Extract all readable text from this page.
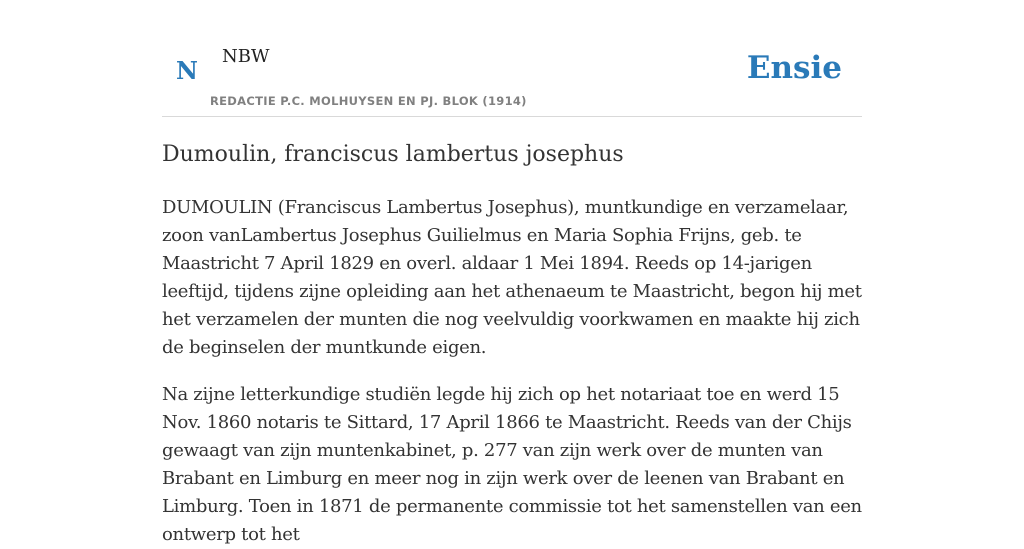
N NBW
REDACTIE P.C. MOLHUYSEN EN PJ. BLOK (1914)
Ensie
Dumoulin, franciscus lambertus josephus

DUMOULIN (Franciscus Lambertus Josephus), muntkundige en verzamelaar, zoon vanLambertus Josephus Guilielmus en Maria Sophia Frijns, geb. te Maastricht 7 April 1829 en overl. aldaar 1 Mei 1894. Reeds op 14-jarigen leeftijd, tijdens zijne opleiding aan het athenaeum te Maastricht, begon hij met het verzamelen der munten die nog veelvuldig voorkwamen en maakte hij zich de beginselen der muntkunde eigen.

Na zijne letterkundige studiën legde hij zich op het notariaat toe en werd 15 Nov. 1860 notaris te Sittard, 17 April 1866 te Maastricht. Reeds van der Chijs gewaagt van zijn muntenkabinet, p. 277 van zijn werk over de munten van Brabant en Limburg en meer nog in zijn werk over de leenen van Brabant en Limburg. Toen in 1871 de permanente commissie tot het samenstellen van een ontwerp tot het
